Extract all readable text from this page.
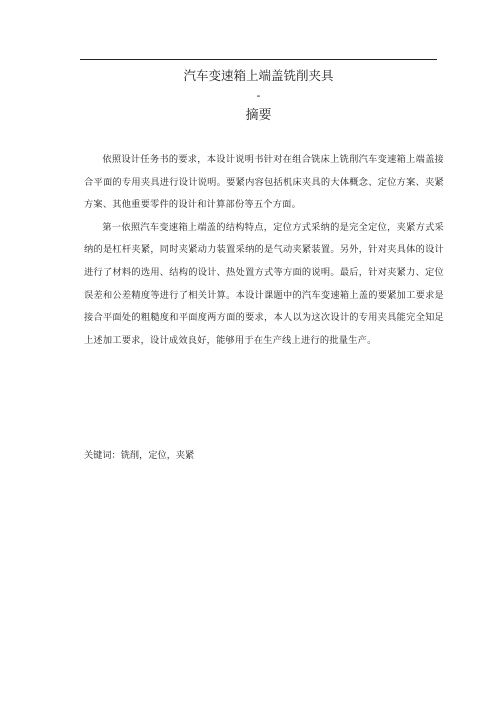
汽车变速箱上端盖铣削夹具
-
摘要

依照设计任务书的要求，本设计说明书针对在组合铣床上铣削汽车变速箱上端盖接合平面的专用夹具进行设计说明。要紧内容包括机床夹具的大体概念、定位方案、夹紧方案、其他重要零件的设计和计算部份等五个方面。

第一依照汽车变速箱上端盖的结构特点，定位方式采纳的是完全定位，夹紧方式采纳的是杠杆夹紧，同时夹紧动力装置采纳的是气动夹紧装置。另外，针对夹具体的设计进行了材料的选用、结构的设计、热处置方式等方面的说明。最后，针对夹紧力、定位误差和公差精度等进行了相关计算。本设计课题中的汽车变速箱上盖的要紧加工要求是接合平面处的粗糙度和平面度两方面的要求，本人以为这次设计的专用夹具能完全知足上述加工要求，设计成效良好，能够用于在生产线上进行的批量生产。

关键词：铣削，定位，夹紧
